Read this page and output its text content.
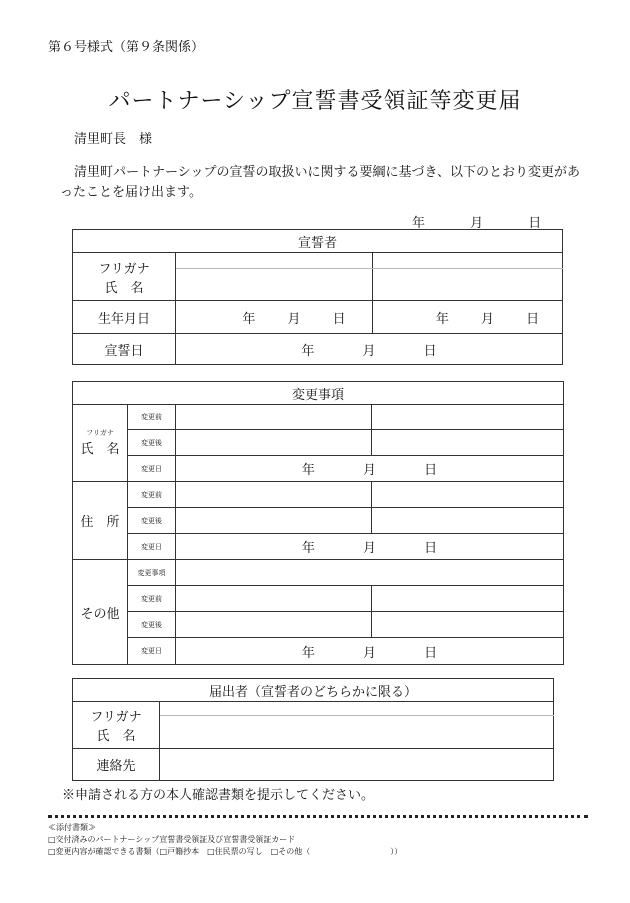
第６号様式（第９条関係）
パートナーシップ宣誓書受領証等変更届
清里町長　様
清里町パートナーシップの宣誓の取扱いに関する要綱に基づき、以下のとおり変更があったことを届け出ます。
年	月	日
宣誓者		

フリガナ
氏　名		

生年月日	年 月 日	年 月 日
宣誓日	年 月 日	
変更事項			

フリガナ
氏　名	変更前		
	変更後		
	変更日	年 月 日	
住　所	変更前		
	変更後		
	変更日	年 月 日	
その他	変更事項		
	変更前		
	変更後		
	変更日	年 月 日	
届出者（宣誓者のどちらかに限る）	

フリガナ
氏　名	

連絡先	
※申請される方の本人確認書類を提示してください。
≪添付書類≫
□交付済みのパートナーシップ宣誓書受領証及び宣誓書受領証カード
□変更内容が確認できる書類（□戸籍抄本　□住民票の写し　□その他（　　　　　　　　　　））
